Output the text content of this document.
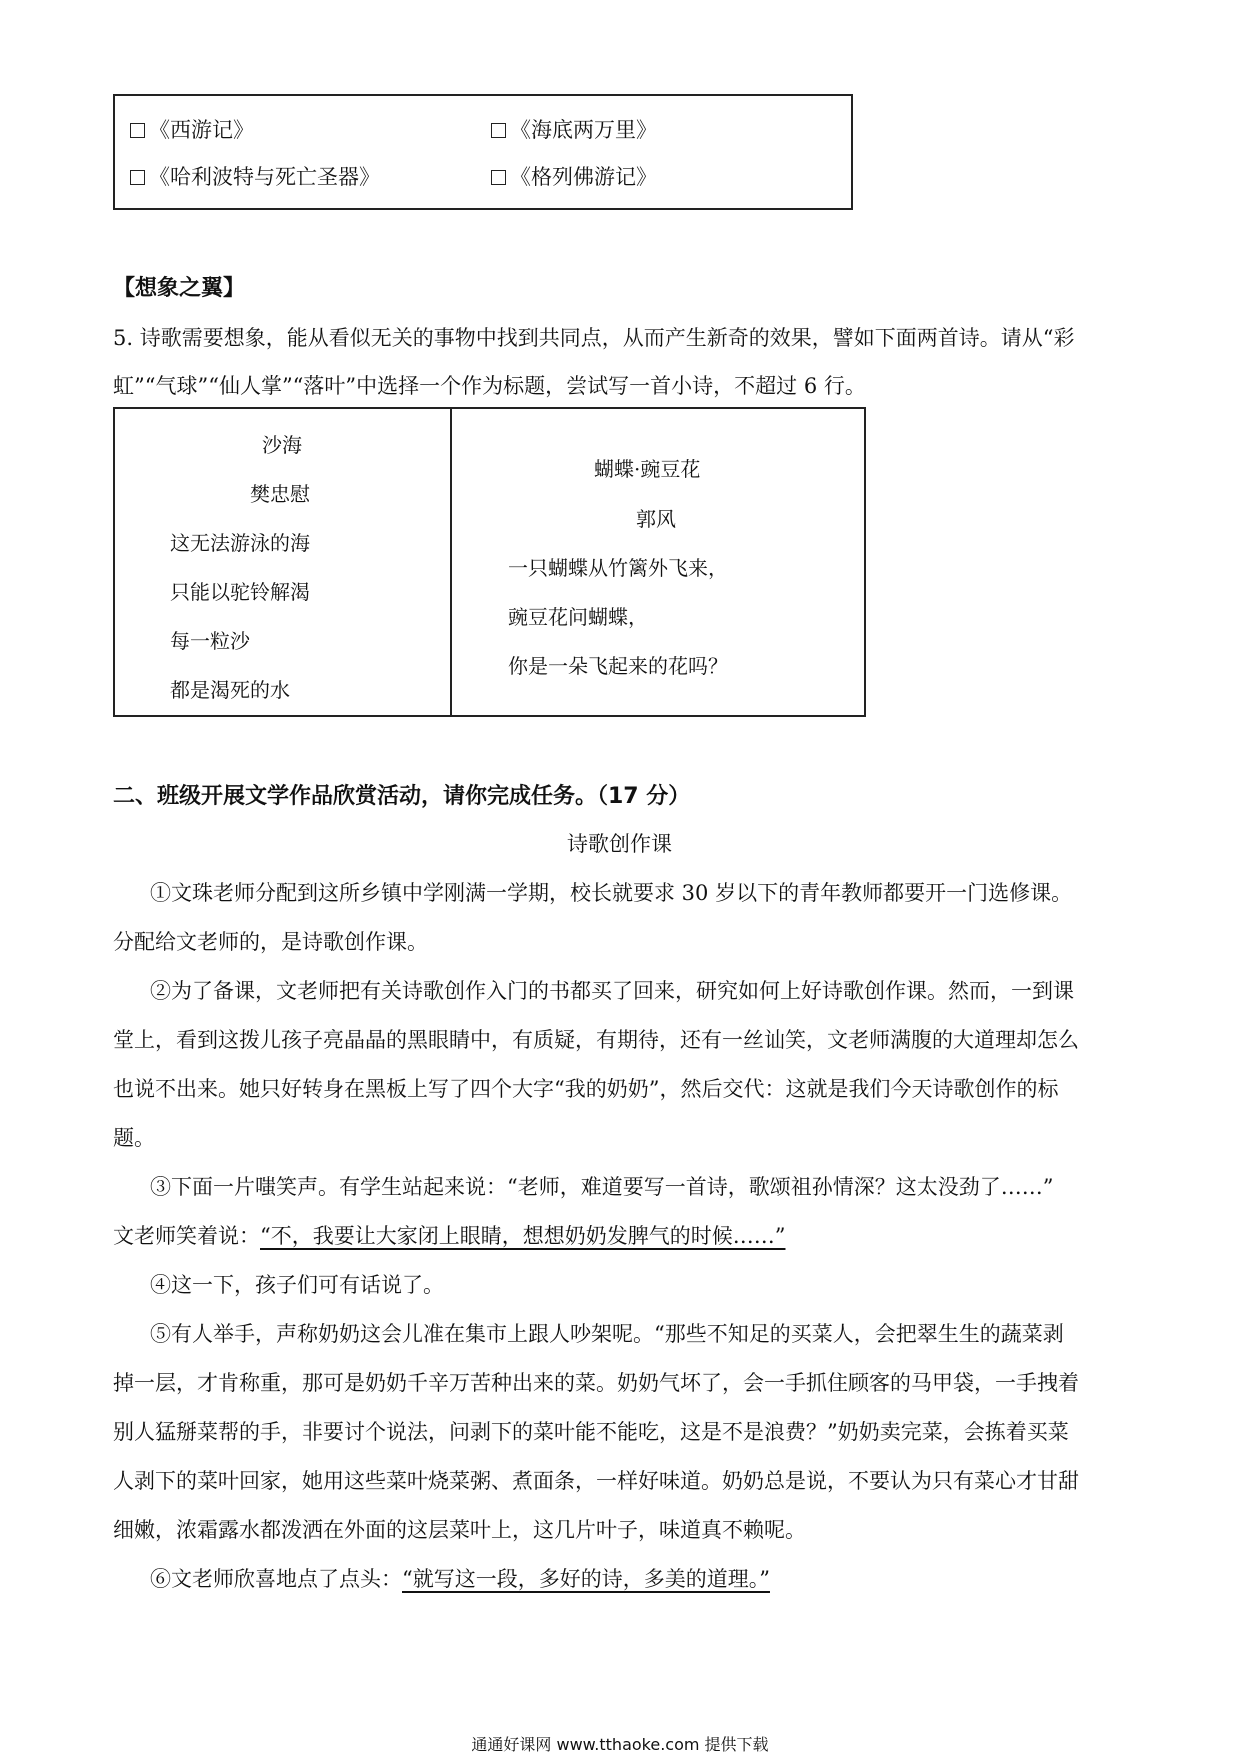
《西游记》	《海底两万里》
《哈利波特与死亡圣器》	《格列佛游记》
【想象之翼】
5. 诗歌需要想象，能从看似无关的事物中找到共同点，从而产生新奇的效果，譬如下面两首诗。请从“彩
虹”“气球”“仙人掌”“落叶”中选择一个作为标题，尝试写一首小诗，不超过 6 行。
沙海
樊忠慰
这无法游泳的海
只能以驼铃解渴
每一粒沙
都是渴死的水
蝴蝶·豌豆花
郭风
一只蝴蝶从竹篱外飞来，
豌豆花问蝴蝶，
你是一朵飞起来的花吗？
二、班级开展文学作品欣赏活动，请你完成任务。（17 分）
诗歌创作课
①文珠老师分配到这所乡镇中学刚满一学期，校长就要求 30 岁以下的青年教师都要开一门选修课。
分配给文老师的，是诗歌创作课。
②为了备课，文老师把有关诗歌创作入门的书都买了回来，研究如何上好诗歌创作课。然而，一到课
堂上，看到这拨儿孩子亮晶晶的黑眼睛中，有质疑，有期待，还有一丝讪笑，文老师满腹的大道理却怎么
也说不出来。她只好转身在黑板上写了四个大字“我的奶奶”，然后交代：这就是我们今天诗歌创作的标
题。
③下面一片嗤笑声。有学生站起来说：“老师，难道要写一首诗，歌颂祖孙情深？这太没劲了……”
文老师笑着说：“不，我要让大家闭上眼睛，想想奶奶发脾气的时候……”
④这一下，孩子们可有话说了。
⑤有人举手，声称奶奶这会儿准在集市上跟人吵架呢。“那些不知足的买菜人，会把翠生生的蔬菜剥
掉一层，才肯称重，那可是奶奶千辛万苦种出来的菜。奶奶气坏了，会一手抓住顾客的马甲袋，一手拽着
别人猛掰菜帮的手，非要讨个说法，问剥下的菜叶能不能吃，这是不是浪费？”奶奶卖完菜，会拣着买菜
人剥下的菜叶回家，她用这些菜叶烧菜粥、煮面条，一样好味道。奶奶总是说，不要认为只有菜心才甘甜
细嫩，浓霜露水都泼洒在外面的这层菜叶上，这几片叶子，味道真不赖呢。
⑥文老师欣喜地点了点头：“就写这一段，多好的诗，多美的道理。”
通通好课网 www.tthaoke.com 提供下载
